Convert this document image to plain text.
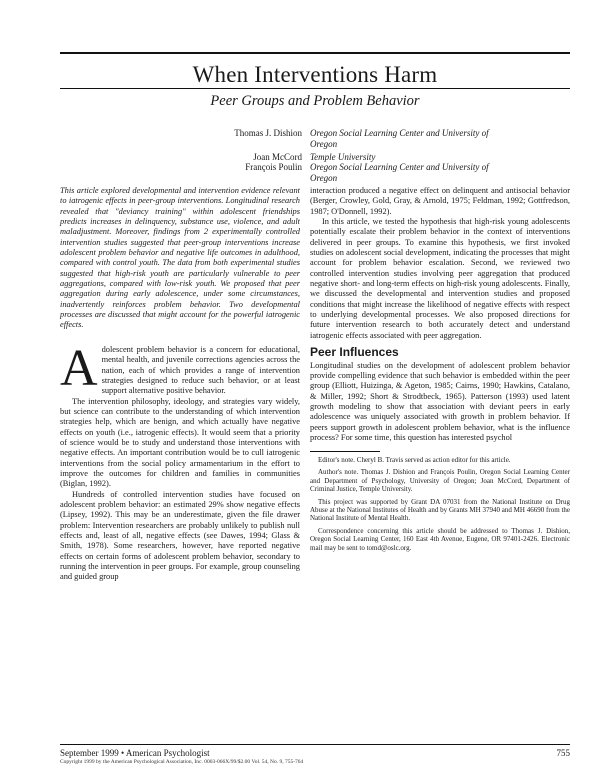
When Interventions Harm
Peer Groups and Problem Behavior
Thomas J. Dishion Oregon Social Learning Center and University of Oregon
Joan McCord Temple University
François Poulin Oregon Social Learning Center and University of Oregon

This article explored developmental and intervention evidence relevant to iatrogenic effects in peer-group interventions. Longitudinal research revealed that "deviancy training" within adolescent friendships predicts increases in delinquency, substance use, violence, and adult maladjustment. Moreover, findings from 2 experimentally controlled intervention studies suggested that peer-group interventions increase adolescent problem behavior and negative life outcomes in adulthood, compared with control youth. The data from both experimental studies suggested that high-risk youth are particularly vulnerable to peer aggregations, compared with low-risk youth. We proposed that peer aggregation during early adolescence, under some circumstances, inadvertently reinforces problem behavior. Two developmental processes are discussed that might account for the powerful iatrogenic effects.

Adolescent problem behavior is a concern for educational, mental health, and juvenile corrections agencies across the nation, each of which provides a range of intervention strategies designed to reduce such behavior, or at least support alternative positive behavior.

The intervention philosophy, ideology, and strategies vary widely, but science can contribute to the understanding of which intervention strategies help, which are benign, and which actually have negative effects on youth (i.e., iatrogenic effects). It would seem that a priority of science would be to study and understand those interventions with negative effects. An important contribution would be to cull iatrogenic interventions from the social policy armamentarium in the effort to improve the outcomes for children and families in communities (Biglan, 1992).

Hundreds of controlled intervention studies have focused on adolescent problem behavior: an estimated 29% show negative effects (Lipsey, 1992). This may be an underestimate, given the file drawer problem: Intervention researchers are probably unlikely to publish null effects and, least of all, negative effects (see Dawes, 1994; Glass & Smith, 1978). Some researchers, however, have reported negative effects on certain forms of adolescent problem behavior, secondary to running the intervention in peer groups. For example, group counseling and guided group

interaction produced a negative effect on delinquent and antisocial behavior (Berger, Crowley, Gold, Gray, & Arnold, 1975; Feldman, 1992; Gottfredson, 1987; O'Donnell, 1992).

In this article, we tested the hypothesis that high-risk young adolescents potentially escalate their problem behavior in the context of interventions delivered in peer groups. To examine this hypothesis, we first invoked studies on adolescent social development, indicating the processes that might account for problem behavior escalation. Second, we reviewed two controlled intervention studies involving peer aggregation that produced negative short- and long-term effects on high-risk young adolescents. Finally, we discussed the developmental and intervention studies and proposed conditions that might increase the likelihood of negative effects with respect to underlying developmental processes. We also proposed directions for future intervention research to both accurately detect and understand iatrogenic effects associated with peer aggregation.

Peer Influences

Longitudinal studies on the development of adolescent problem behavior provide compelling evidence that such behavior is embedded within the peer group (Elliott, Huizinga, & Ageton, 1985; Cairns, 1990; Hawkins, Catalano, & Miller, 1992; Short & Strodtbeck, 1965). Patterson (1993) used latent growth modeling to show that association with deviant peers in early adolescence was uniquely associated with growth in problem behavior. If peers support growth in adolescent problem behavior, what is the influence process? For some time, this question has interested psychol

Editor's note. Cheryl B. Travis served as action editor for this article.

Author's note. Thomas J. Dishion and François Poulin, Oregon Social Learning Center and Department of Psychology, University of Oregon; Joan McCord, Department of Criminal Justice, Temple University.

This project was supported by Grant DA 07031 from the National Institute on Drug Abuse at the National Institutes of Health and by Grants MH 37940 and MH 46690 from the National Institute of Mental Health.

Correspondence concerning this article should be addressed to Thomas J. Dishion, Oregon Social Learning Center, 160 East 4th Avenue, Eugene, OR 97401-2426. Electronic mail may be sent to tomd@oslc.org.

September 1999 • American Psychologist	755
Copyright 1999 by the American Psychological Association, Inc. 0003-066X/99/$2.00 Vol. 54, No. 9, 755-764
